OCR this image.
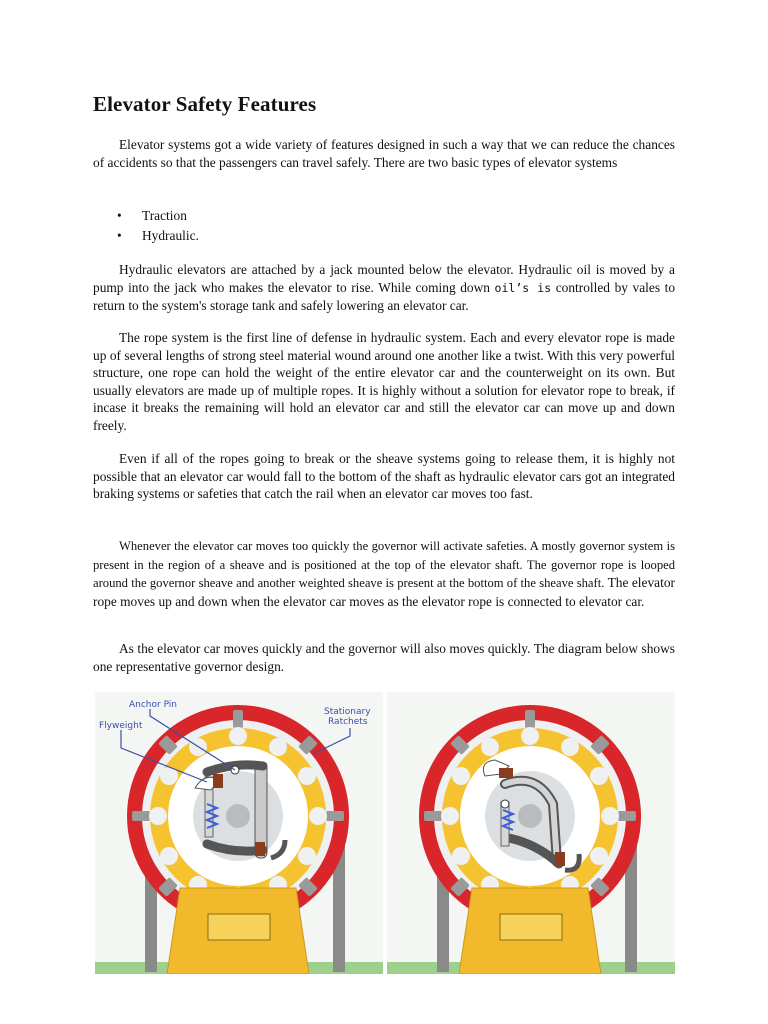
Elevator Safety Features

Elevator systems got a wide variety of features designed in such a way that we can reduce the chances of accidents so that the passengers can travel safely. There are two basic types of elevator systems

• Traction
• Hydraulic.

Hydraulic elevators are attached by a jack mounted below the elevator. Hydraulic oil is moved by a pump into the jack who makes the elevator to rise. While coming down oil’s is controlled by vales to return to the system's storage tank and safely lowering an elevator car.

The rope system is the first line of defense in hydraulic system. Each and every elevator rope is made up of several lengths of strong steel material wound around one another like a twist. With this very powerful structure, one rope can hold the weight of the entire elevator car and the counterweight on its own. But usually elevators are made up of multiple ropes. It is highly without a solution for elevator rope to break, if incase it breaks the remaining will hold an elevator car and still the elevator car can move up and down freely.

Even if all of the ropes going to break or the sheave systems going to release them, it is highly not possible that an elevator car would fall to the bottom of the shaft as hydraulic elevator cars got an integrated braking systems or safeties that catch the rail when an elevator car moves too fast.

Whenever the elevator car moves too quickly the governor will activate safeties. A mostly governor system is present in the region of a sheave and is positioned at the top of the elevator shaft. The governor rope is looped around the governor sheave and another weighted sheave is present at the bottom of the sheave shaft. The elevator rope moves up and down when the elevator car moves as the elevator rope is connected to elevator car.

As the elevator car moves quickly and the governor will also moves quickly. The diagram below shows one representative governor design.

Anchor Pin
Flyweight
Stationary
Ratchets
